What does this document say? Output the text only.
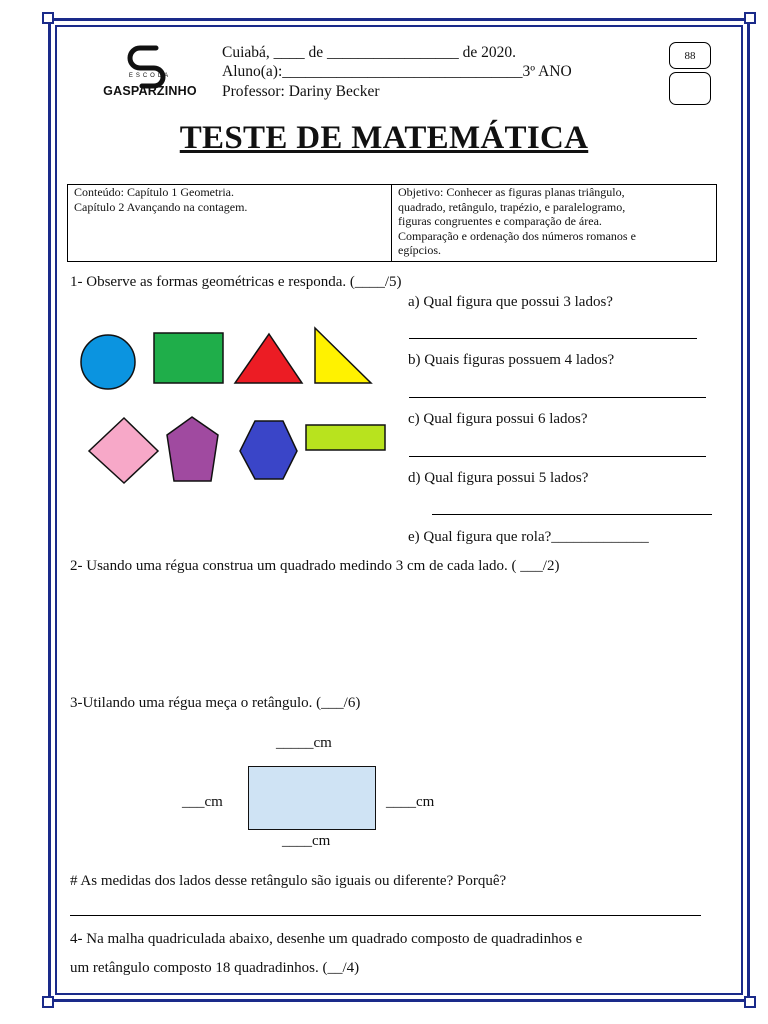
ESCOLA
GASPARZINHO
Cuiabá, ____ de _________________ de 2020.
Aluno(a):_______________________________3º ANO
Professor: Dariny Becker
88
TESTE DE MATEMÁTICA
Conteúdo: Capítulo 1 Geometria.
Capítulo 2 Avançando na contagem.
Objetivo: Conhecer as figuras planas triângulo,
quadrado, retângulo, trapézio, e paralelogramo,
figuras congruentes e comparação de área.
Comparação e ordenação dos números romanos e
egípcios.
1- Observe as formas geométricas e responda. (____/5)
a) Qual figura que possui 3 lados?
b) Quais figuras possuem 4 lados?
c) Qual figura possui 6 lados?
d) Qual figura possui 5 lados?
e) Qual figura que rola?_____________
2- Usando uma régua construa um quadrado medindo 3 cm de cada lado. ( ___/2)
3-Utilando uma régua meça o retângulo. (___/6)
_____cm
___cm	____cm
____cm
# As medidas dos lados desse retângulo são iguais ou diferente? Porquê?
4- Na malha quadriculada abaixo, desenhe um quadrado composto de quadradinhos e
um retângulo composto 18 quadradinhos. (__/4)
